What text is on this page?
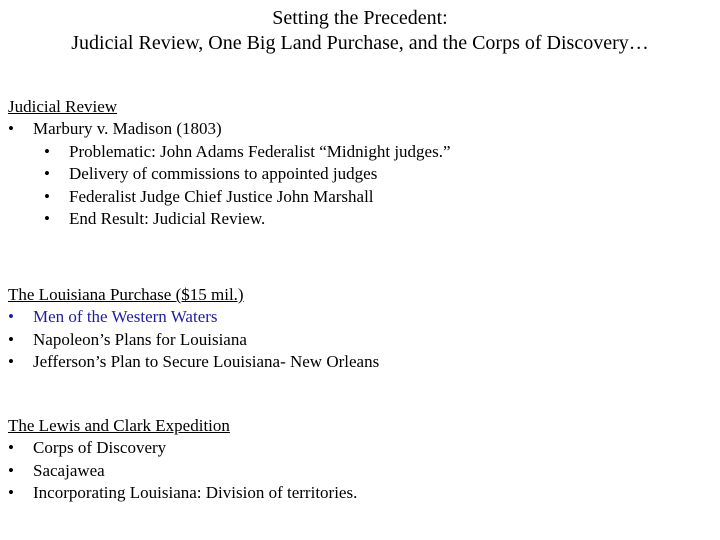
Setting the Precedent:
Judicial Review, One Big Land Purchase, and the Corps of Discovery…
Judicial Review
• Marbury v. Madison (1803)
• Problematic: John Adams Federalist “Midnight judges.”
• Delivery of commissions to appointed judges
• Federalist Judge Chief Justice John Marshall
• End Result: Judicial Review.
The Louisiana Purchase ($15 mil.)
• Men of the Western Waters
• Napoleon’s Plans for Louisiana
• Jefferson’s Plan to Secure Louisiana- New Orleans
The Lewis and Clark Expedition
• Corps of Discovery
• Sacajawea
• Incorporating Louisiana: Division of territories.
